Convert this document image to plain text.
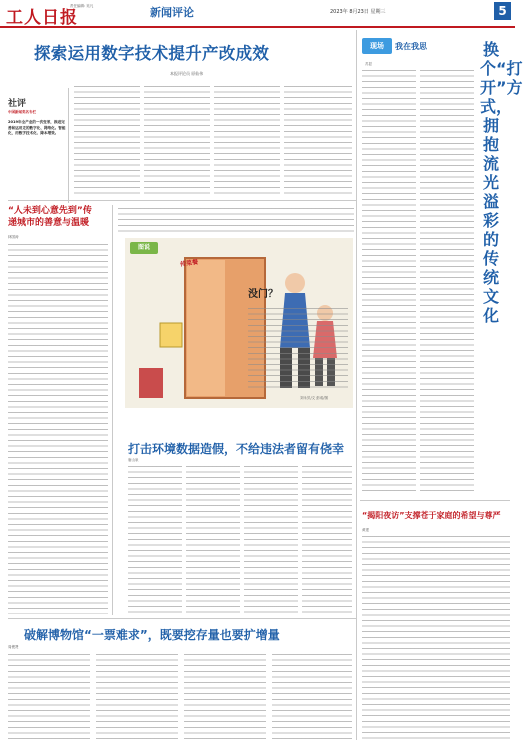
工人日报
责任编辑: 吴凡	新闻评论	2023年 8月23日 星期三	5
探索运用数字技术提升产改成效
本报评论员 原仙伟
社评
中国新闻奖名专栏
2019年全产业的一次变革，推进完善和运用走的数字化、网络化。智能化，用数字技术化、降本增效。
“人未到心意先到”传递城市的善意与温暖
林国涛
图说
传菜餐
没门？
刘永贝/文 彭成/图
打击环境数据造假，不给违法者留有侥幸
唐山泉
破解博物馆“一票难求”，既要挖存量也要扩增量
周俊贤
现场	我在我思
苏显
换个“打开”方式，拥抱流光溢彩的传统文化
“揭阳夜访”支撑苍于家庭的希望与尊严
黄建
